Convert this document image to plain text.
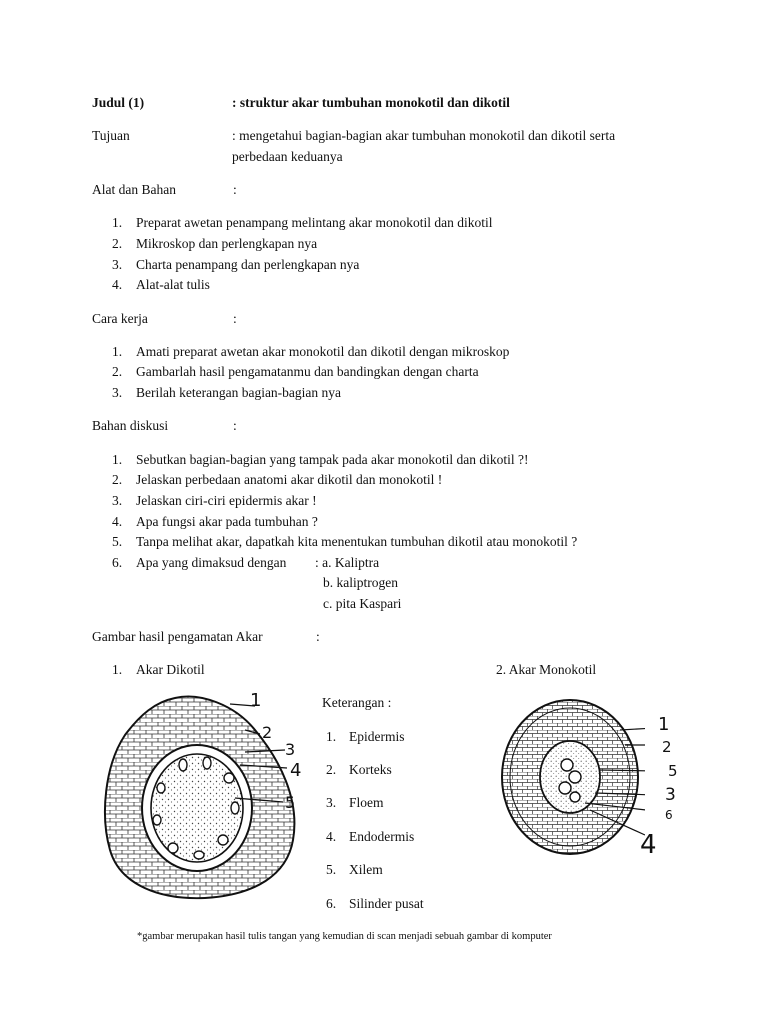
Judul (1)	: struktur akar tumbuhan monokotil dan dikotil
Tujuan	: mengetahui bagian-bagian akar tumbuhan monokotil dan dikotil serta
perbedaan keduanya
Alat dan Bahan	:
1. Preparat awetan penampang melintang akar monokotil dan dikotil
2. Mikroskop dan perlengkapan nya
3. Charta penampang dan perlengkapan nya
4. Alat-alat tulis
Cara kerja	:
1. Amati preparat awetan akar monokotil dan dikotil dengan mikroskop
2. Gambarlah hasil pengamatanmu dan bandingkan dengan charta
3. Berilah keterangan bagian-bagian nya
Bahan diskusi	:
1. Sebutkan bagian-bagian yang tampak pada akar monokotil dan dikotil ?!
2. Jelaskan perbedaan anatomi akar dikotil dan monokotil !
3. Jelaskan ciri-ciri epidermis akar !
4. Apa fungsi akar pada tumbuhan ?
5. Tanpa melihat akar, dapatkah kita menentukan tumbuhan dikotil atau monokotil ?
6. Apa yang dimaksud dengan : a. Kaliptra
b. kaliptrogen
c. pita Kaspari
Gambar hasil pengamatan Akar	:
1. Akar Dikotil	2. Akar Monokotil
1
2
3
4
5
Keterangan :
1. Epidermis
2. Korteks
3. Floem
4. Endodermis
5. Xilem
6. Silinder pusat
1
2
5
3
6
4
*gambar merupakan hasil tulis tangan yang kemudian di scan menjadi sebuah gambar di komputer
